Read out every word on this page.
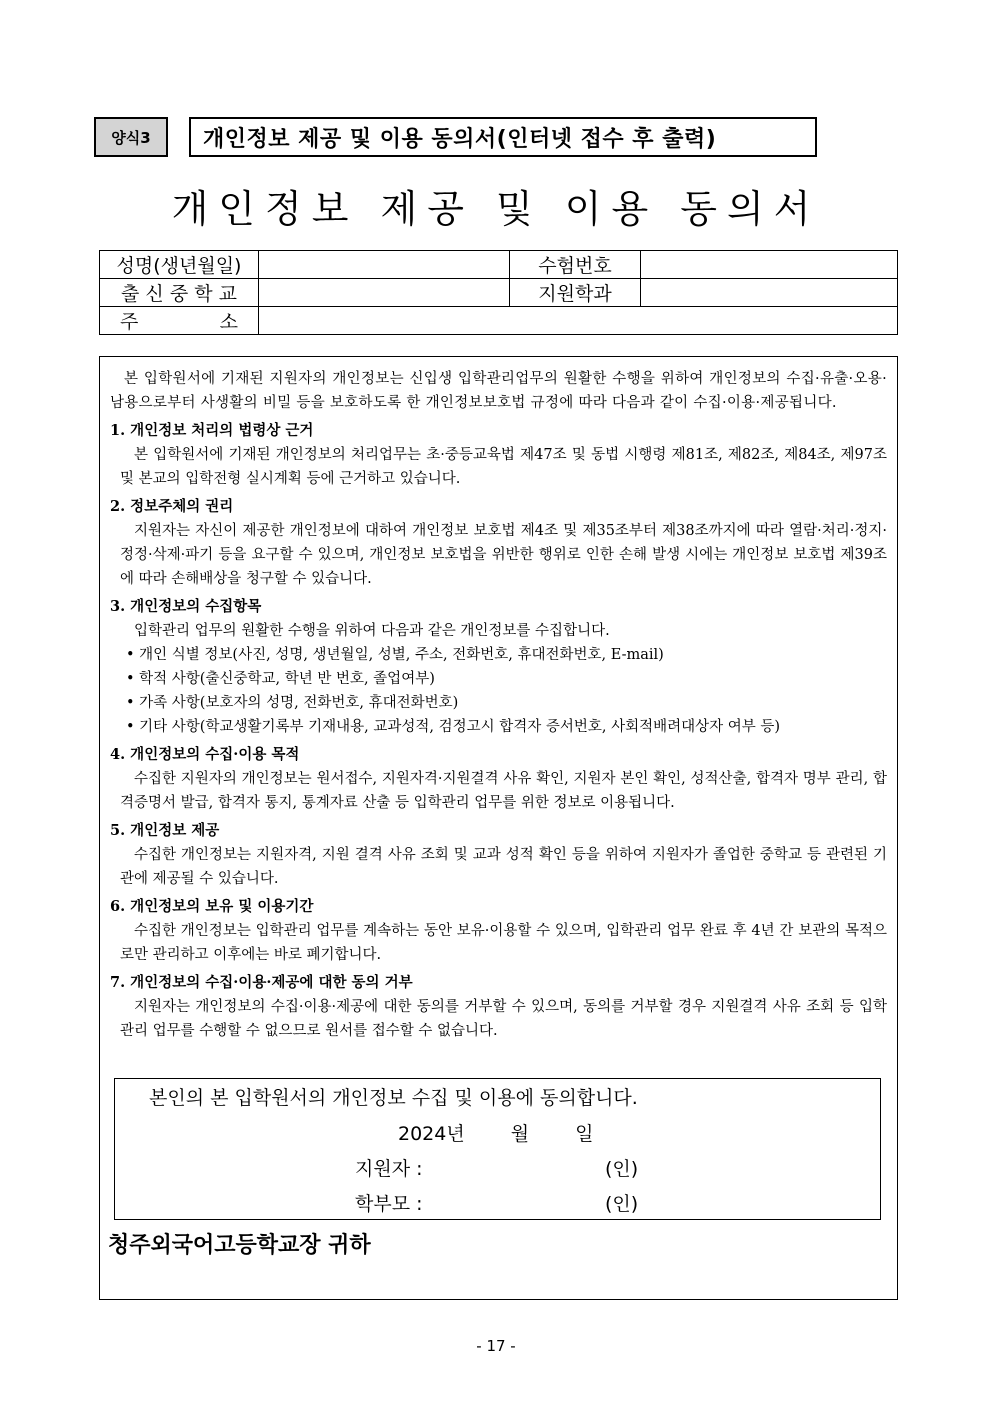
양식3	개인정보 제공 및 이용 동의서(인터넷 접수 후 출력)
개인정보 제공 및 이용 동의서
성명(생년월일)		수험번호	
출 신 중 학 교		지원학과	

주 소			

본 입학원서에 기재된 지원자의 개인정보는 신입생 입학관리업무의 원활한 수행을 위하여 개인정보의 수집·유출·오용·남용으로부터 사생활의 비밀 등을 보호하도록 한 개인정보보호법 규정에 따라 다음과 같이 수집·이용·제공됩니다.

1. 개인정보 처리의 법령상 근거

본 입학원서에 기재된 개인정보의 처리업무는 초·중등교육법 제47조 및 동법 시행령 제81조, 제82조, 제84조, 제97조 및 본교의 입학전형 실시계획 등에 근거하고 있습니다.

2. 정보주체의 권리

지원자는 자신이 제공한 개인정보에 대하여 개인정보 보호법 제4조 및 제35조부터 제38조까지에 따라 열람·처리·정지·정정·삭제·파기 등을 요구할 수 있으며, 개인정보 보호법을 위반한 행위로 인한 손해 발생 시에는 개인정보 보호법 제39조에 따라 손해배상을 청구할 수 있습니다.

3. 개인정보의 수집항목

입학관리 업무의 원활한 수행을 위하여 다음과 같은 개인정보를 수집합니다.

• 개인 식별 정보(사진, 성명, 생년월일, 성별, 주소, 전화번호, 휴대전화번호, E-mail)

• 학적 사항(출신중학교, 학년 반 번호, 졸업여부)

• 가족 사항(보호자의 성명, 전화번호, 휴대전화번호)

• 기타 사항(학교생활기록부 기재내용, 교과성적, 검정고시 합격자 증서번호, 사회적배려대상자 여부 등)

4. 개인정보의 수집·이용 목적

수집한 지원자의 개인정보는 원서접수, 지원자격·지원결격 사유 확인, 지원자 본인 확인, 성적산출, 합격자 명부 관리, 합격증명서 발급, 합격자 통지, 통계자료 산출 등 입학관리 업무를 위한 정보로 이용됩니다.

5. 개인정보 제공

수집한 개인정보는 지원자격, 지원 결격 사유 조회 및 교과 성적 확인 등을 위하여 지원자가 졸업한 중학교 등 관련된 기관에 제공될 수 있습니다.

6. 개인정보의 보유 및 이용기간

수집한 개인정보는 입학관리 업무를 계속하는 동안 보유·이용할 수 있으며, 입학관리 업무 완료 후 4년 간 보관의 목적으로만 관리하고 이후에는 바로 폐기합니다.

7. 개인정보의 수집·이용·제공에 대한 동의 거부

지원자는 개인정보의 수집·이용·제공에 대한 동의를 거부할 수 있으며, 동의를 거부할 경우 지원결격 사유 조회 등 입학관리 업무를 수행할 수 없으므로 원서를 접수할 수 없습니다.

본인의 본 입학원서의 개인정보 수집 및 이용에 동의합니다.
2024년 월 일
지원자 :	(인)
학부모 :	(인)
청주외국어고등학교장 귀하
- 17 -
